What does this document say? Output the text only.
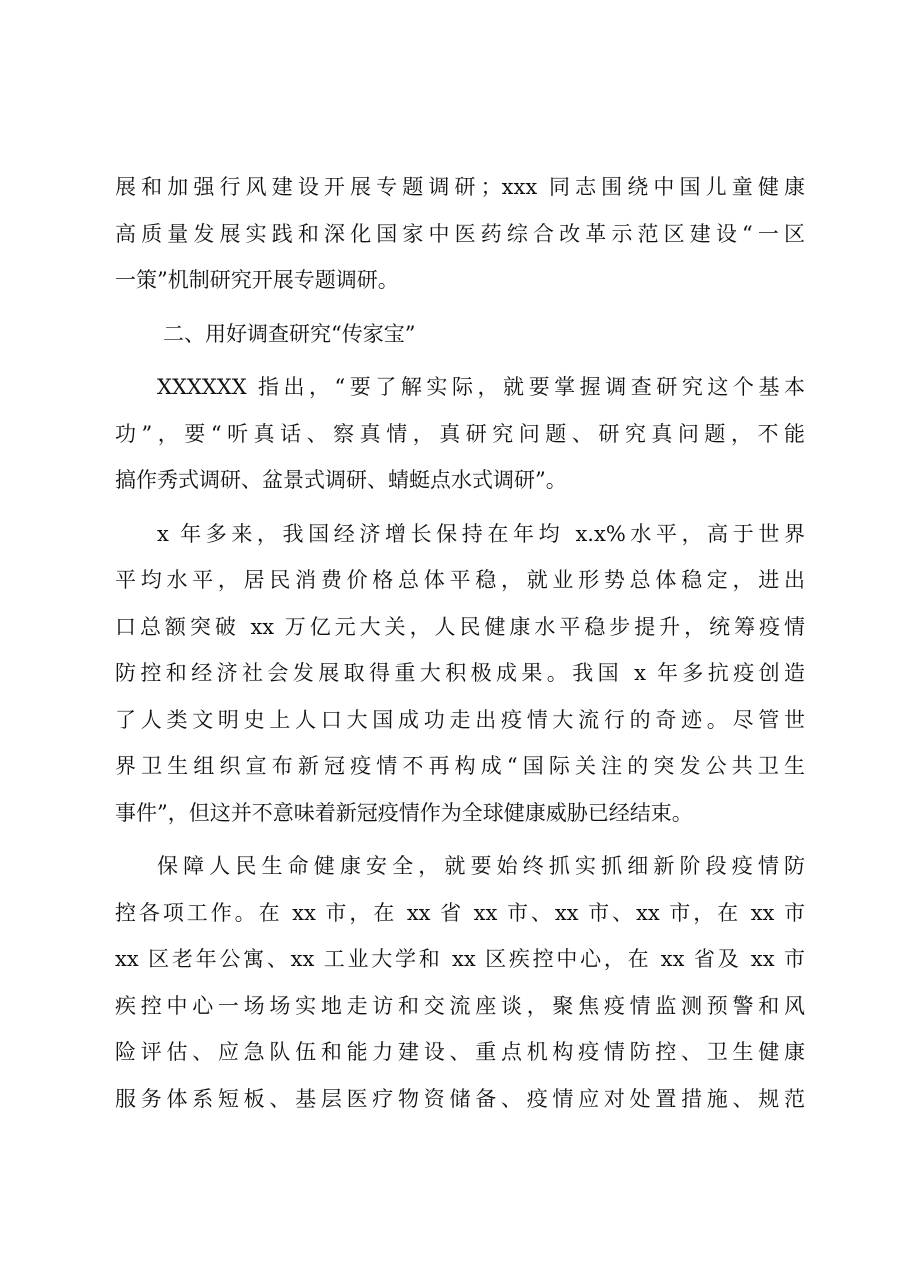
展和加强行风建设开展专题调研；xxx 同志围绕中国儿童健康
高质量发展实践和深化国家中医药综合改革示范区建设“一区
一策”机制研究开展专题调研。
二、用好调查研究“传家宝”
XXXXXX 指出，“要了解实际，就要掌握调查研究这个基本
功”，要“听真话、察真情，真研究问题、研究真问题，不能
搞作秀式调研、盆景式调研、蜻蜓点水式调研”。
x 年多来，我国经济增长保持在年均 x.x%水平，高于世界
平均水平，居民消费价格总体平稳，就业形势总体稳定，进出
口总额突破 xx 万亿元大关，人民健康水平稳步提升，统筹疫情
防控和经济社会发展取得重大积极成果。我国 x 年多抗疫创造
了人类文明史上人口大国成功走出疫情大流行的奇迹。尽管世
界卫生组织宣布新冠疫情不再构成“国际关注的突发公共卫生
事件”，但这并不意味着新冠疫情作为全球健康威胁已经结束。
保障人民生命健康安全，就要始终抓实抓细新阶段疫情防
控各项工作。在 xx 市，在 xx 省 xx 市、xx 市、xx 市，在 xx 市
xx 区老年公寓、xx 工业大学和 xx 区疾控中心，在 xx 省及 xx 市
疾控中心一场场实地走访和交流座谈，聚焦疫情监测预警和风
险评估、应急队伍和能力建设、重点机构疫情防控、卫生健康
服务体系短板、基层医疗物资储备、疫情应对处置措施、规范
